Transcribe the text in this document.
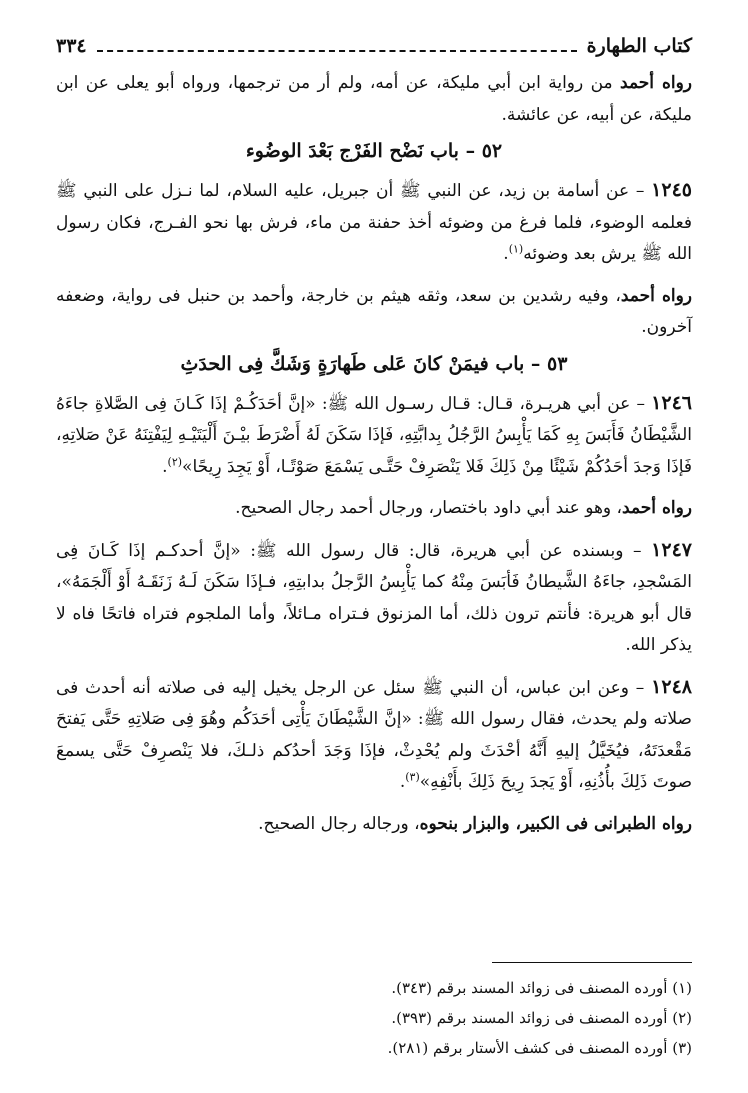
كتاب الطهارة
٣٣٤

رواه أحمد من رواية ابن أبي مليكة، عن أمه، ولم أر من ترجمها، ورواه أبو يعلى عن ابن مليكة، عن أبيه، عن عائشة.

٥٢ – باب نَضْح الفَرْج بَعْدَ الوضُوء

١٢٤٥ – عن أسامة بن زيد، عن النبي ﷺ أن جبريل، عليه السلام، لما نـزل على النبي ﷺ فعلمه الوضوء، فلما فرغ من وضوئه أخذ حفنة من ماء، فرش بها نحو الفـرج، فكان رسول الله ﷺ يرش بعد وضوئه$^{(١)}$.

رواه أحمد، وفيه رشدين بن سعد، وثقه هيثم بن خارجة، وأحمد بن حنبل فى رواية، وضعفه آخرون.

٥٣ – باب فيمَنْ كانَ عَلى طَهارَةٍ وَشَكَّ فِى الحدَثِ

١٢٤٦ – عن أبي هريـرة، قـال: قـال رسـول الله ﷺ: «إنَّ أحَدَكُـمْ إذَا كَـانَ فِى الصَّلاةِ جاءَهُ الشَّيْطَانُ فَأَبَسَ بِهِ كَمَا يَأْبِسُ الرَّجُلُ بِدابَّتِهِ، فَإذَا سَكَنَ لَهُ أَضْرَطَ بيْـنَ أَلْيَتَيْـهِ لِيَفْتِنَهُ عَنْ صَلاتِهِ، فَإذَا وَجدَ أحَدُكُمْ شَيْئًا مِنْ ذَلِكَ فَلا يَنْصَرِفْ حَتَّـى يَسْمَعَ صَوْتًـا، أَوْ يَجِدَ رِيحًا»$^{(٢)}$.

رواه أحمد، وهو عند أبي داود باختصار، ورجال أحمد رجال الصحيح.

١٢٤٧ – وبسنده عن أبي هريرة، قال: قال رسول الله ﷺ: «إنَّ أحدكـم إذَا كَـانَ فِى المَسْجدِ، جاءَهُ الشَّيطانُ فَأبَسَ مِنْهُ كما يَأْبِسُ الرَّجلُ بدابتِهِ، فـإذَا سَكَنَ لَـهُ زَنَقَـهُ أَوْ أَلْجَمَهُ»، قال أبو هريرة: فأنتم ترون ذلك، أما المزنوق فـتراه مـائلاً، وأما الملجوم فتراه فاتحًا فاه لا يذكر الله.

١٢٤٨ – وعن ابن عباس، أن النبي ﷺ سئل عن الرجل يخيل إليه فى صلاته أنه أحدث فى صلاته ولم يحدث، فقال رسول الله ﷺ: «إنَّ الشَّيْطَانَ يَأْتِى أحَدَكُم وهُوَ فِى صَلاتِهِ حَتَّى يَفتحَ مَقْعدَتَهُ، فيُخَيَّلُ إليهِ أَنَّهُ أحْدَثَ ولم يُحْدِثْ، فإذَا وَجَدَ أحدُكم ذلـكَ، فلا يَنْصرِفْ حَتَّى يسمعَ صوتَ ذَلِكَ بأُذُنِهِ، أَوْ يَجدَ رِيحَ ذَلِكَ بأَنْفِهِ»$^{(٣)}$.

رواه الطبرانى فى الكبير، والبزار بنحوه، ورجاله رجال الصحيح.

(١) أورده المصنف فى زوائد المسند برقم (٣٤٣).

(٢) أورده المصنف فى زوائد المسند برقم (٣٩٣).

(٣) أورده المصنف فى كشف الأستار برقم (٢٨١).
